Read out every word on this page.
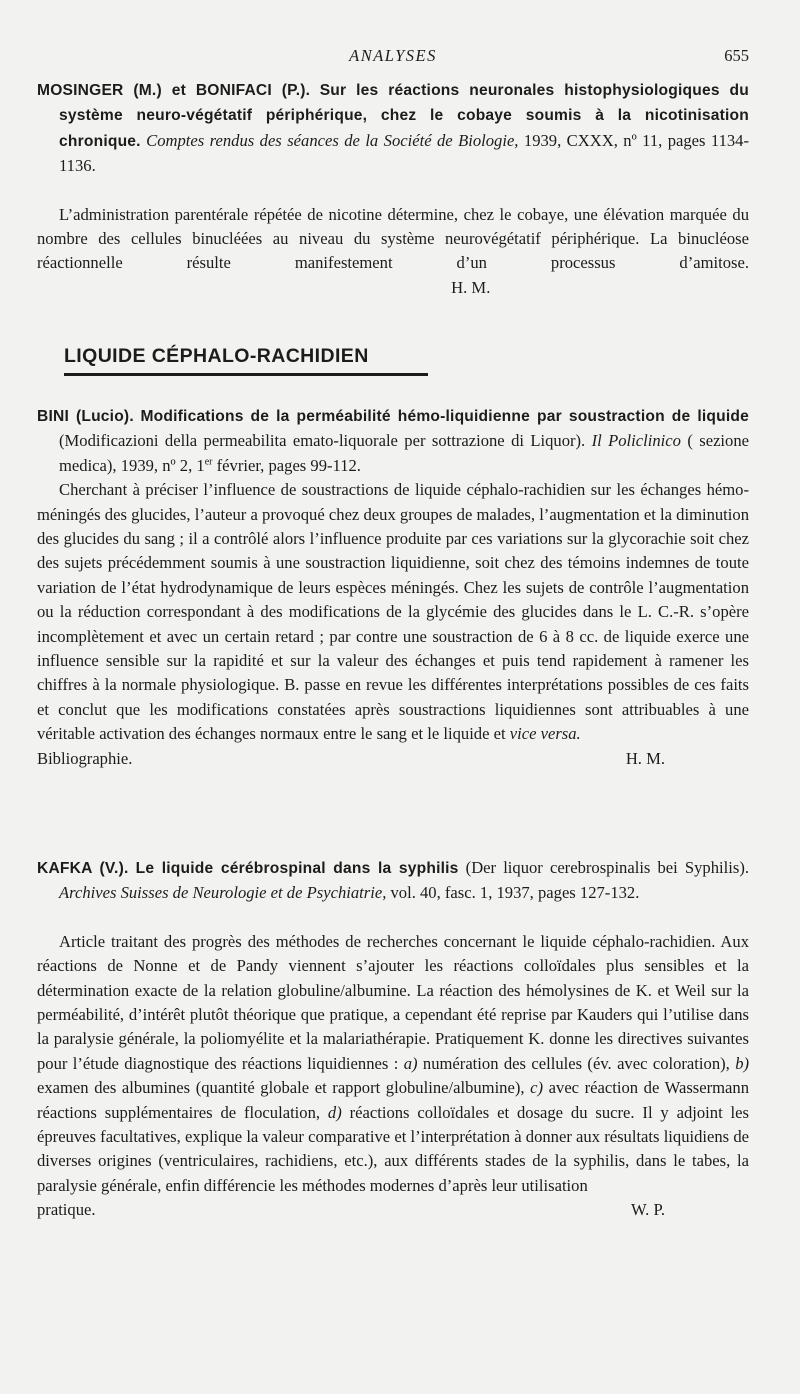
ANALYSES	655

MOSINGER (M.) et BONIFACI (P.). Sur les réactions neuronales histophysiologiques du système neuro-végétatif périphérique, chez le cobaye soumis à la nicotinisation chronique. Comptes rendus des séances de la Société de Biologie, 1939, CXXX, nº 11, pages 1134-1136.

L’administration parentérale répétée de nicotine détermine, chez le cobaye, une élévation marquée du nombre des cellules binucléées au niveau du système neurovégétatif périphérique. La binucléose réactionnelle résulte manifestement d’un processus d’amitose.  H. M.

LIQUIDE CÉPHALO-RACHIDIEN

BINI (Lucio). Modifications de la perméabilité hémo-liquidienne par soustraction de liquide (Modificazioni della permeabilita emato-liquorale per sottrazione di Liquor). Il Policlinico ( sezione medica), 1939, nº 2, 1er février, pages 99-112.

Cherchant à préciser l’influence de soustractions de liquide céphalo-rachidien sur les échanges hémo-méningés des glucides, l’auteur a provoqué chez deux groupes de malades, l’augmentation et la diminution des glucides du sang ; il a contrôlé alors l’influence produite par ces variations sur la glycorachie soit chez des sujets précédemment soumis à une soustraction liquidienne, soit chez des témoins indemnes de toute variation de l’état hydrodynamique de leurs espèces méningés. Chez les sujets de contrôle l’augmentation ou la réduction correspondant à des modifications de la glycémie des glucides dans le L. C.-R. s’opère incomplètement et avec un certain retard ; par contre une soustraction de 6 à 8 cc. de liquide exerce une influence sensible sur la rapidité et sur la valeur des échanges et puis tend rapidement à ramener les chiffres à la normale physiologique. B. passe en revue les différentes interprétations possibles de ces faits et conclut que les modifications constatées après soustractions liquidiennes sont attribuables à une véritable activation des échanges normaux entre le sang et le liquide et vice versa.

Bibliographie.	H. M.

KAFKA (V.). Le liquide cérébrospinal dans la syphilis (Der liquor cerebrospinalis bei Syphilis). Archives Suisses de Neurologie et de Psychiatrie, vol. 40, fasc. 1, 1937, pages 127-132.

Article traitant des progrès des méthodes de recherches concernant le liquide céphalo-rachidien. Aux réactions de Nonne et de Pandy viennent s’ajouter les réactions colloïdales plus sensibles et la détermination exacte de la relation globuline/albumine. La réaction des hémolysines de K. et Weil sur la perméabilité, d’intérêt plutôt théorique que pratique, a cependant été reprise par Kauders qui l’utilise dans la paralysie générale, la poliomyélite et la malariathérapie. Pratiquement K. donne les directives suivantes pour l’étude diagnostique des réactions liquidiennes : a) numération des cellules (év. avec coloration), b) examen des albumines (quantité globale et rapport globuline/albumine), c) avec réaction de Wassermann réactions supplémentaires de floculation, d) réactions colloïdales et dosage du sucre. Il y adjoint les épreuves facultatives, explique la valeur comparative et l’interprétation à donner aux résultats liquidiens de diverses origines (ventriculaires, rachidiens, etc.), aux différents stades de la syphilis, dans le tabes, la paralysie générale, enfin différencie les méthodes modernes d’après leur utilisation

pratique.	W. P.
